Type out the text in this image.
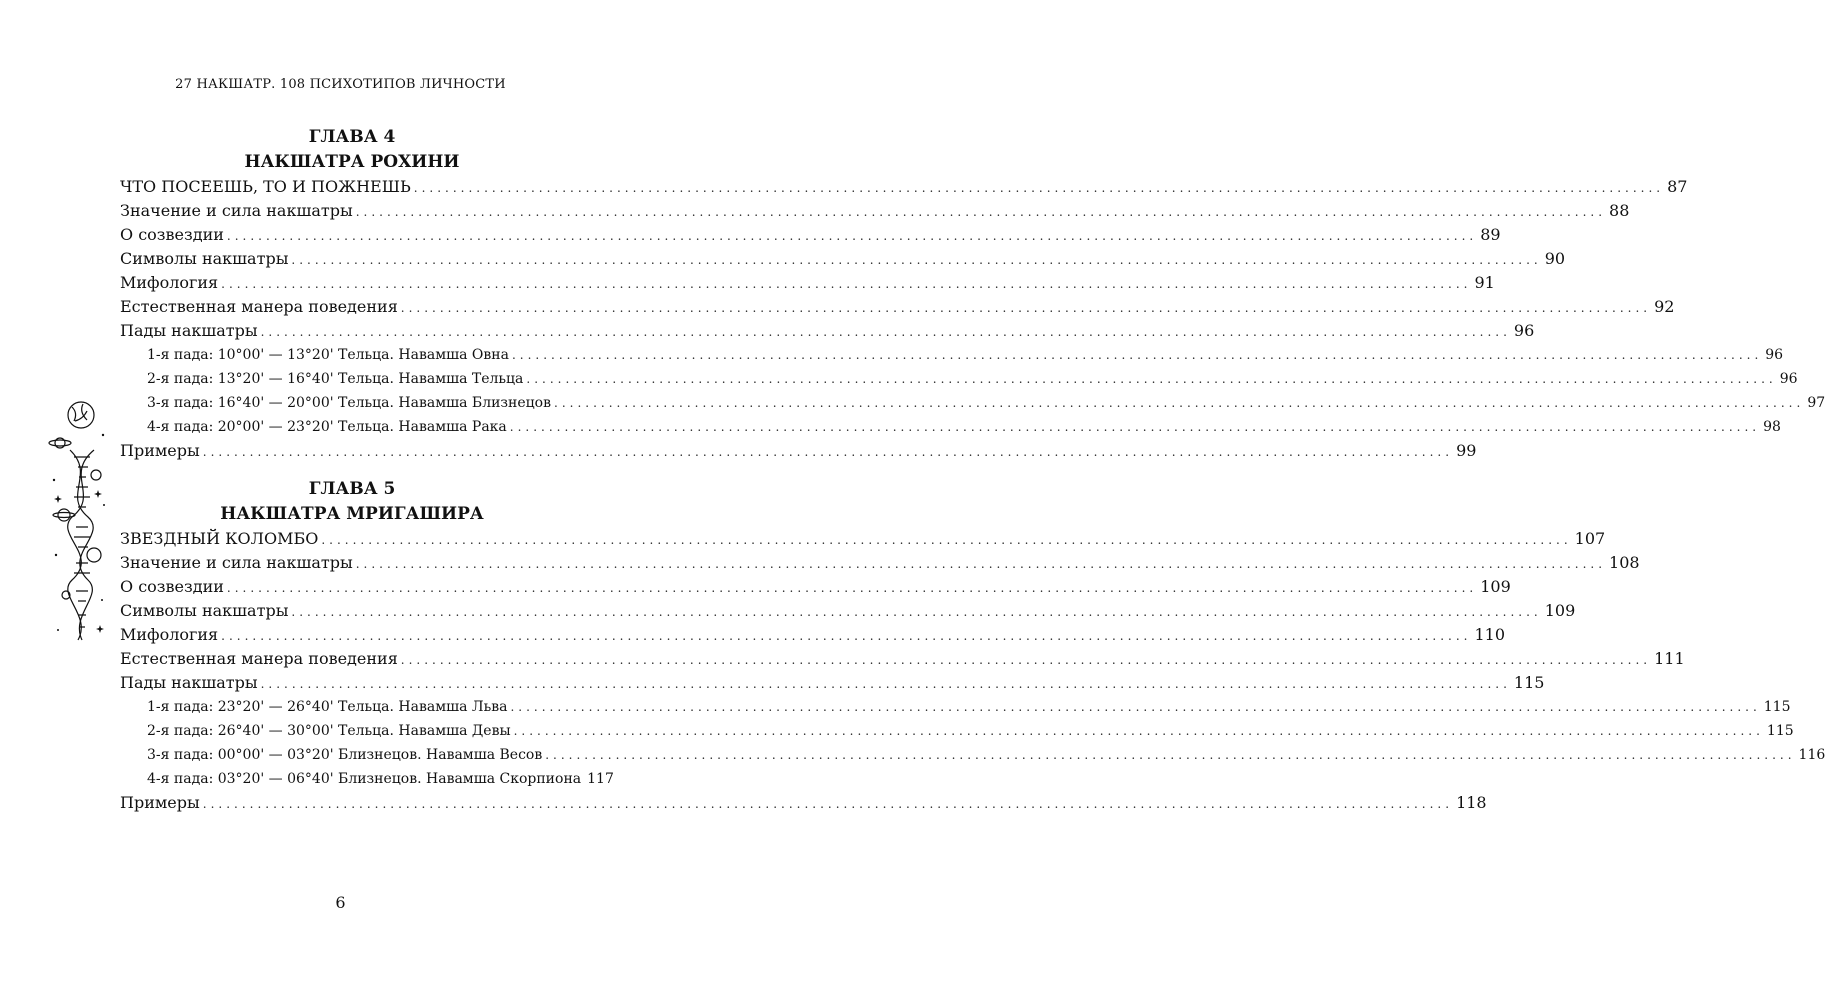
27 НАКШАТР. 108 ПСИХОТИПОВ ЛИЧНОСТИ
ГЛАВА 4
НАКШАТРА РОХИНИ
ЧТО ПОСЕЕШЬ, ТО И ПОЖНЕШЬ ................................................................................................................................................................ 87
Значение и сила накшатры ................................................................................................................................................................ 88
О созвездии ................................................................................................................................................................ 89
Символы накшатры ................................................................................................................................................................ 90
Мифология ................................................................................................................................................................ 91
Естественная манера поведения ................................................................................................................................................................ 92
Пады накшатры ................................................................................................................................................................ 96
1-я пада: 10°00' — 13°20' Тельца. Навамша Овна ................................................................................................................................................................ 96
2-я пада: 13°20' — 16°40' Тельца. Навамша Тельца ................................................................................................................................................................ 96
3-я пада: 16°40' — 20°00' Тельца. Навамша Близнецов ................................................................................................................................................................ 97
4-я пада: 20°00' — 23°20' Тельца. Навамша Рака ................................................................................................................................................................ 98
Примеры ................................................................................................................................................................ 99
ГЛАВА 5
НАКШАТРА МРИГАШИРА
ЗВЕЗДНЫЙ КОЛОМБО ................................................................................................................................................................ 107
Значение и сила накшатры ................................................................................................................................................................ 108
О созвездии ................................................................................................................................................................ 109
Символы накшатры ................................................................................................................................................................ 109
Мифология ................................................................................................................................................................ 110
Естественная манера поведения ................................................................................................................................................................ 111
Пады накшатры ................................................................................................................................................................ 115
1-я пада: 23°20' — 26°40' Тельца. Навамша Льва ................................................................................................................................................................ 115
2-я пада: 26°40' — 30°00' Тельца. Навамша Девы ................................................................................................................................................................ 115
3-я пада: 00°00' — 03°20' Близнецов. Навамша Весов ................................................................................................................................................................ 116
4-я пада: 03°20' — 06°40' Близнецов. Навамша Скорпиона 117
Примеры ................................................................................................................................................................ 118
6
